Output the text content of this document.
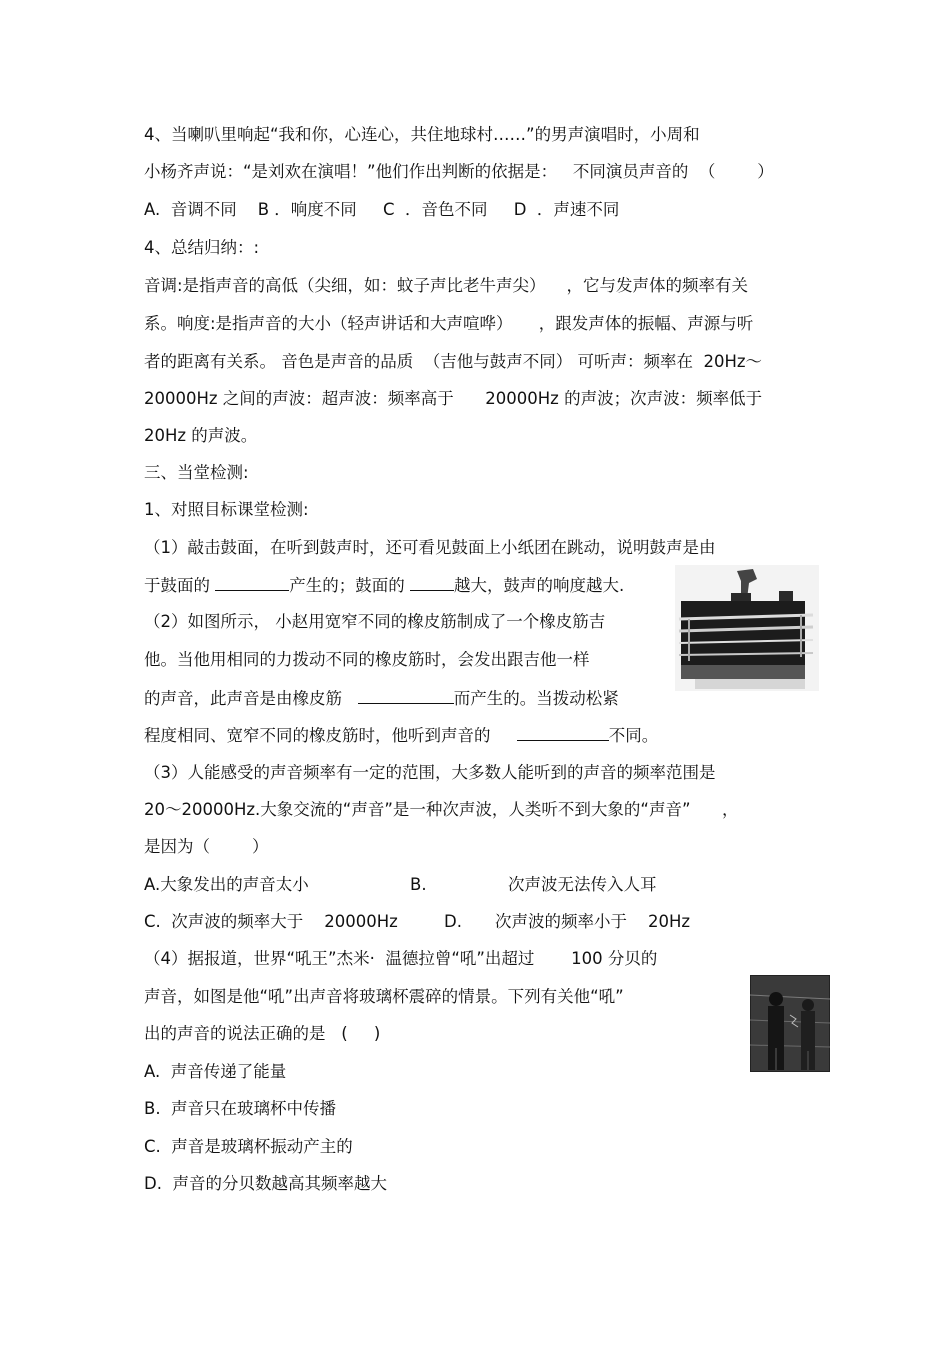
4、当喇叭里响起“我和你，心连心，共住地球村……”的男声演唱时，小周和
小杨齐声说：“是刘欢在演唱！”他们作出判断的依据是：   不同演员声音的  （        ）
A.  音调不同    B ．响度不同     C  ．音色不同     D  ．声速不同
4、总结归纳：:
音调:是指声音的高低（尖细，如：蚊子声比老牛声尖）    ，它与发声体的频率有关
系。响度:是指声音的大小（轻声讲话和大声喧哗）     ，跟发声体的振幅、声源与听
者的距离有关系。 音色是声音的品质  （吉他与鼓声不同） 可听声：频率在  20Hz～
20000Hz 之间的声波：超声波：频率高于      20000Hz 的声波；次声波：频率低于
20Hz 的声波。
三、当堂检测:
1、对照目标课堂检测:
（1）敲击鼓面，在听到鼓声时，还可看见鼓面上小纸团在跳动，说明鼓声是由
于鼓面的	产生的；鼓面的	越大，鼓声的响度越大.
（2）如图所示， 小赵用宽窄不同的橡皮筋制成了一个橡皮筋吉
他。当他用相同的力拨动不同的橡皮筋时，会发出跟吉他一样
的声音，此声音是由橡皮筋	而产生的。当拨动松紧
程度相同、宽窄不同的橡皮筋时，他听到声音的	不同。
（3）人能感受的声音频率有一定的范围，大多数人能听到的声音的频率范围是
20～20000Hz.大象交流的“声音”是一种次声波，人类听不到大象的“声音”      ，
是因为（        ）
A.大象发出的声音太小	B.	次声波无法传入人耳
C.  次声波的频率大于    20000Hz	D. 次声波的频率小于    20Hz
（4）据报道，世界“吼王”杰米·  温德拉曾“吼”出超过       100 分贝的
声音，如图是他“吼”出声音将玻璃杯震碎的情景。下列有关他“吼”
出的声音的说法正确的是   (     )
A.  声音传递了能量
B.  声音只在玻璃杯中传播
C.  声音是玻璃杯振动产主的
D.  声音的分贝数越高其频率越大
